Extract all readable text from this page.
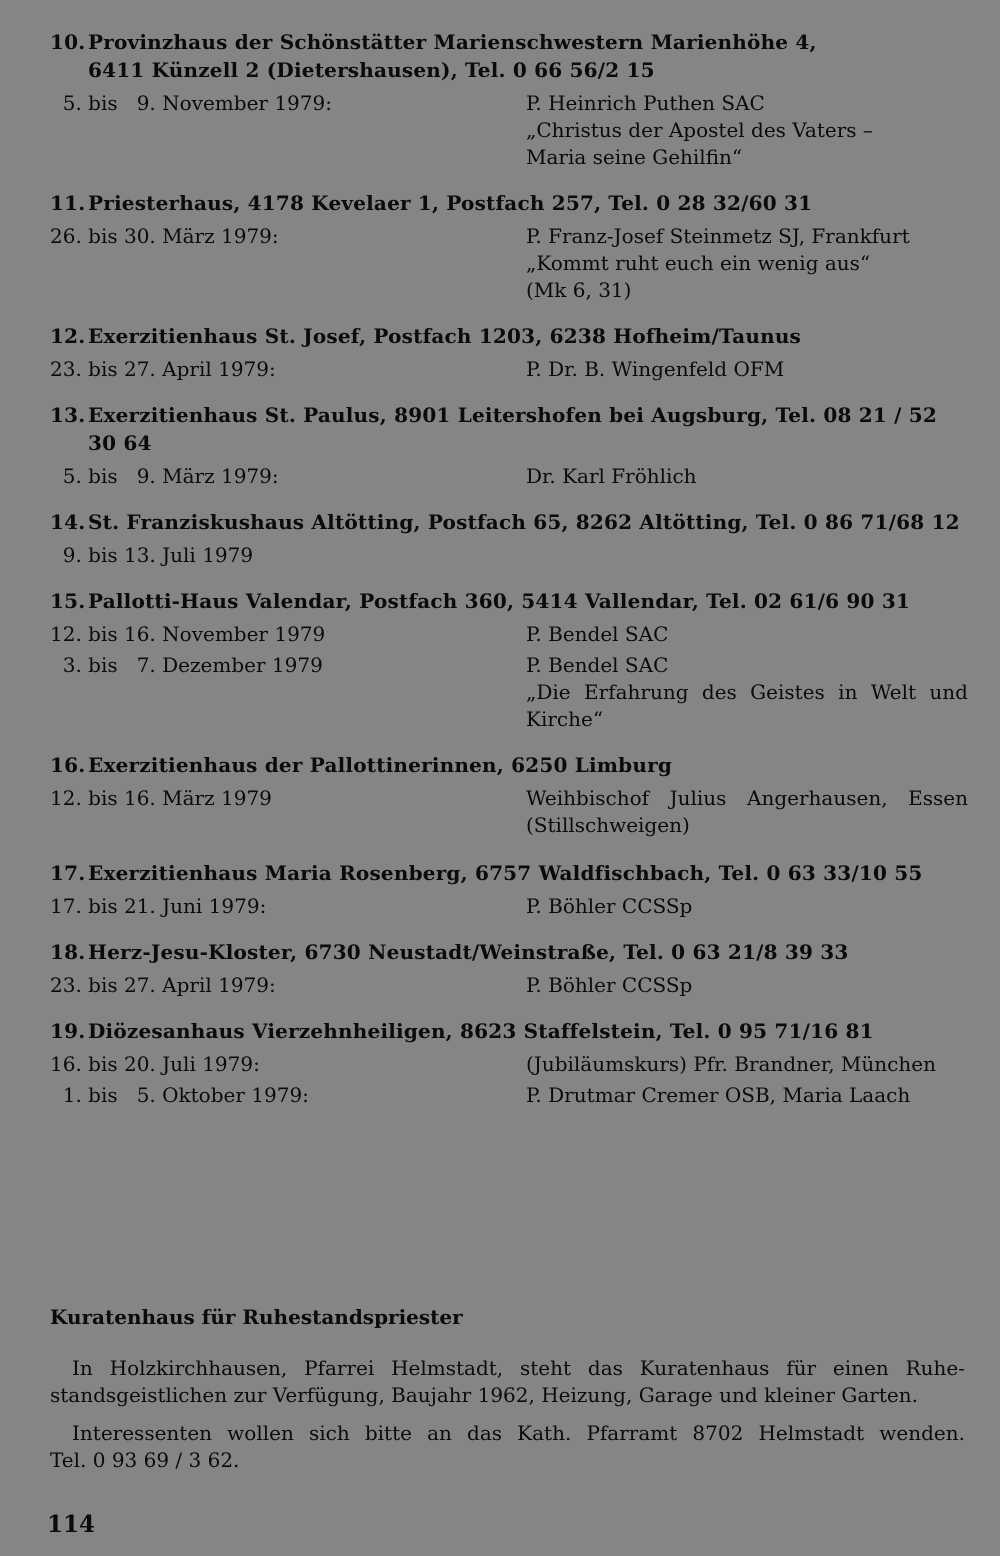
10. Provinzhaus der Schönstätter Marienschwestern Marienhöhe 4,
6411 Künzell 2 (Dietershausen), Tel. 0 66 56/2 15
5. bis   9. November 1979:	P. Heinrich Puthen SAC
„Christus der Apostel des Vaters –
Maria seine Gehilfin“
11. Priesterhaus, 4178 Kevelaer 1, Postfach 257, Tel. 0 28 32/60 31
26. bis 30. März 1979:	P. Franz-Josef Steinmetz SJ, Frankfurt
„Kommt ruht euch ein wenig aus“
(Mk 6, 31)
12. Exerzitienhaus St. Josef, Postfach 1203, 6238 Hofheim/Taunus
23. bis 27. April 1979:	P. Dr. B. Wingenfeld OFM
13. Exerzitienhaus St. Paulus, 8901 Leitershofen bei Augsburg, Tel. 08 21 / 52 30 64
5. bis   9. März 1979:	Dr. Karl Fröhlich
14. St. Franziskushaus Altötting, Postfach 65, 8262 Altötting, Tel. 0 86 71/68 12
9. bis 13. Juli 1979
15. Pallotti-Haus Valendar, Postfach 360, 5414 Vallendar, Tel. 02 61/6 90 31
12. bis 16. November 1979	P. Bendel SAC
3. bis   7. Dezember 1979	P. Bendel SAC
„Die Erfahrung des Geistes in Welt und
Kirche“
16. Exerzitienhaus der Pallottinerinnen, 6250 Limburg
12. bis 16. März 1979	Weihbischof Julius Angerhausen, Essen
(Stillschweigen)
17. Exerzitienhaus Maria Rosenberg, 6757 Waldfischbach, Tel. 0 63 33/10 55
17. bis 21. Juni 1979:	P. Böhler CCSSp
18. Herz-Jesu-Kloster, 6730 Neustadt/Weinstraße, Tel. 0 63 21/8 39 33
23. bis 27. April 1979:	P. Böhler CCSSp
19. Diözesanhaus Vierzehnheiligen, 8623 Staffelstein, Tel. 0 95 71/16 81
16. bis 20. Juli 1979:	(Jubiläumskurs) Pfr. Brandner, München
1. bis   5. Oktober 1979:	P. Drutmar Cremer OSB, Maria Laach
Kuratenhaus für Ruhestandspriester
In Holzkirchhausen, Pfarrei Helmstadt, steht das Kuratenhaus für einen Ruhe-
standsgeistlichen zur Verfügung, Baujahr 1962, Heizung, Garage und kleiner Garten.
Interessenten wollen sich bitte an das Kath. Pfarramt 8702 Helmstadt wenden.
Tel. 0 93 69 / 3 62.
114
